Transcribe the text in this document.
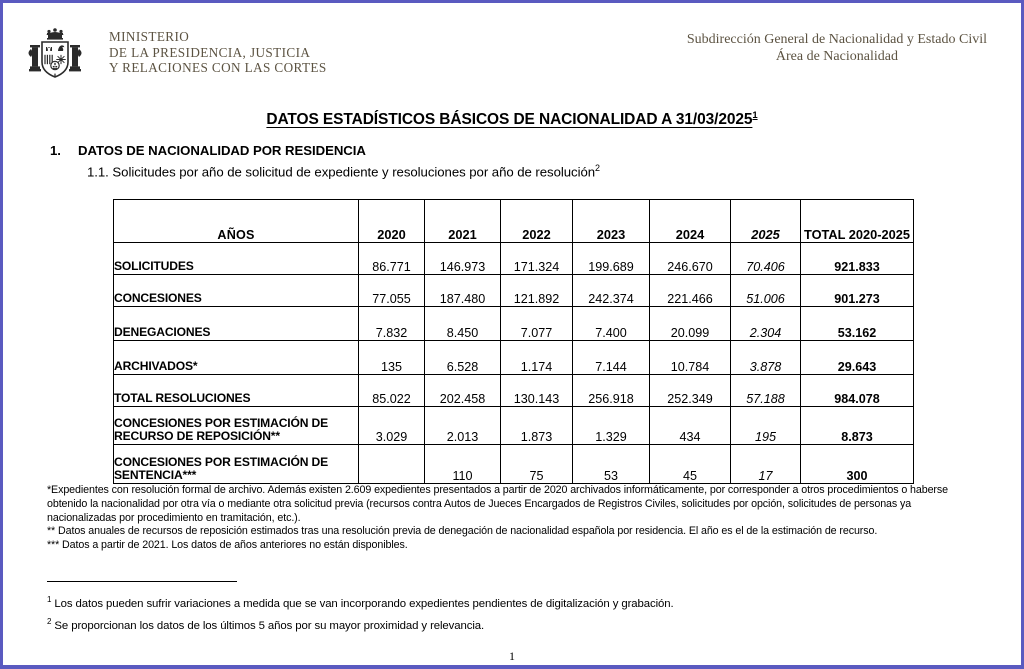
MINISTERIO
DE LA PRESIDENCIA, JUSTICIA
Y RELACIONES CON LAS CORTES
Subdirección General de Nacionalidad y Estado Civil
Área de Nacionalidad
DATOS ESTADÍSTICOS BÁSICOS DE NACIONALIDAD A 31/03/2025$^1$
1. DATOS DE NACIONALIDAD POR RESIDENCIA
1.1. Solicitudes por año de solicitud de expediente y resoluciones por año de resolución$^2$
AÑOS	2020	2021	2022	2023	2024	2025	TOTAL 2020-2025
SOLICITUDES	86.771	146.973	171.324	199.689	246.670	70.406	921.833
CONCESIONES	77.055	187.480	121.892	242.374	221.466	51.006	901.273
DENEGACIONES	7.832	8.450	7.077	7.400	20.099	2.304	53.162
ARCHIVADOS*	135	6.528	1.174	7.144	10.784	3.878	29.643
TOTAL RESOLUCIONES	85.022	202.458	130.143	256.918	252.349	57.188	984.078
CONCESIONES POR ESTIMACIÓN DE RECURSO DE REPOSICIÓN**	3.029	2.013	1.873	1.329	434	195	8.873
CONCESIONES POR ESTIMACIÓN DE SENTENCIA***		110	75	53	45	17	300

*Expedientes con resolución formal de archivo. Además existen 2.609 expedientes presentados a partir de 2020 archivados informáticamente, por corresponder a otros procedimientos o haberse obtenido la nacionalidad por otra vía o mediante otra solicitud previa (recursos contra Autos de Jueces Encargados de Registros Civiles, solicitudes por opción, solicitudes de personas ya nacionalizadas por procedimiento en tramitación, etc.).

** Datos anuales de recursos de reposición estimados tras una resolución previa de denegación de nacionalidad española por residencia. El año es el de la estimación de recurso.

*** Datos a partir de 2021. Los datos de años anteriores no están disponibles.

$^1$ Los datos pueden sufrir variaciones a medida que se van incorporando expedientes pendientes de digitalización y grabación.

$^2$ Se proporcionan los datos de los últimos 5 años por su mayor proximidad y relevancia.

1
